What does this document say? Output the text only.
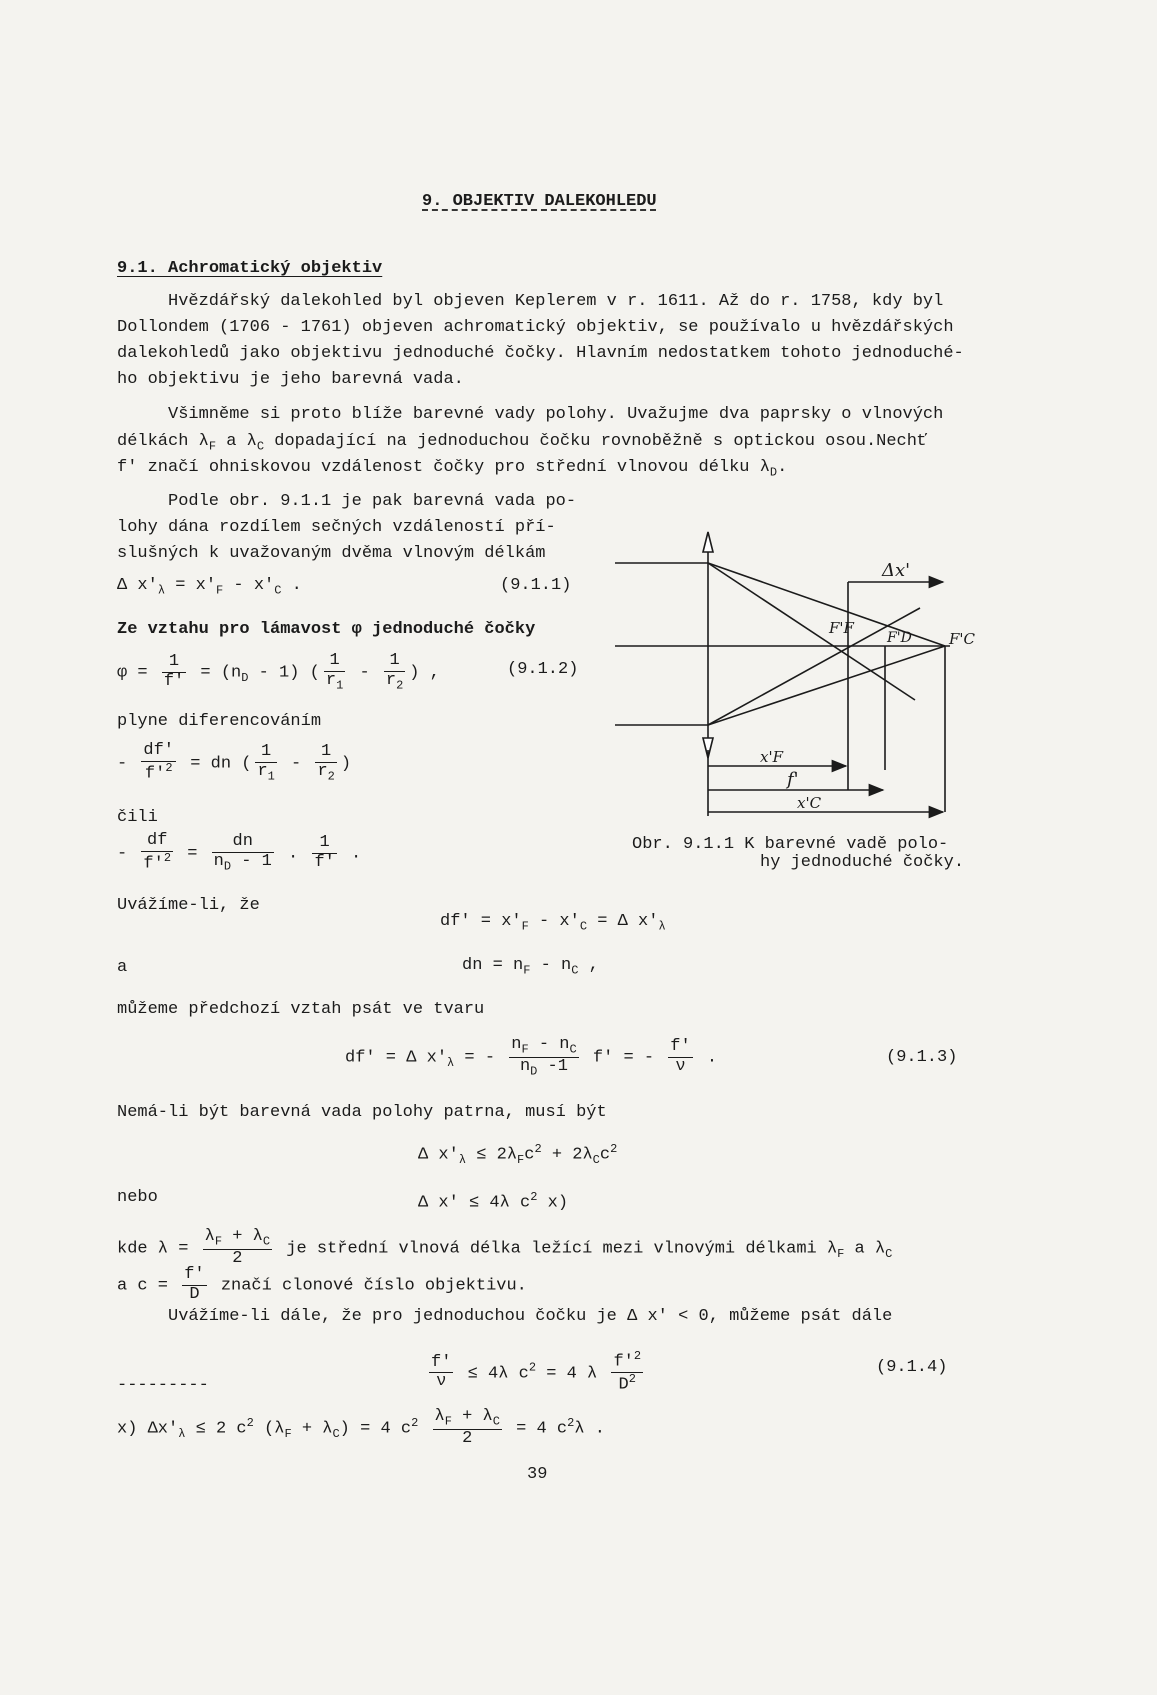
9. OBJEKTIV DALEKOHLEDU
9.1. Achromatický objektiv
Hvězdářský dalekohled byl objeven Keplerem v r. 1611. Až do r. 1758, kdy byl
Dollondem (1706 - 1761) objeven achromatický objektiv, se používalo u hvězdářských
dalekohledů jako objektivu jednoduché čočky. Hlavním nedostatkem tohoto jednoduché-
ho objektivu je jeho barevná vada.
Všimněme si proto blíže barevné vady polohy. Uvažujme dva paprsky o vlnových
délkách $\lambda_F$ a $\lambda_C$ dopadající na jednoduchou čočku rovnoběžně s optickou osou.Nechť
f' značí ohniskovou vzdálenost čočky pro střední vlnovou délku $\lambda_D$.
Podle obr. 9.1.1 je pak barevná vada po-
lohy dána rozdílem sečných vzdáleností pří-
slušných k uvažovaným dvěma vlnovým délkám
Δ $x'_\lambda = x'_F - x'_C$ .	(9.1.1)
Ze vztahu pro lámavost φ jednoduché čočky
$\varphi = \frac{1}{f'} = (n_D - 1)$ ( $\frac{1}{r_1} - \frac{1}{r_2}$ ) ,	(9.1.2)
plyne diferencováním
- $\frac{df'}{f'^2}$ = dn ( $\frac{1}{r_1} - \frac{1}{r_2}$ )
čili
- $\frac{df}{f'^2} = \frac{dn}{n_D - 1}$ . $\frac{1}{f'}$ .
Δx'
F'F
F'D F'C
x'F
f'
x'C
Obr. 9.1.1 K barevné vadě polo-
hy jednoduché čočky.
Uvážíme-li, že
$df' = x'_F - x'_C = \Delta$ $x'_\lambda$
a	dn = $n_F - n_C$ ,
můžeme předchozí vztah psát ve tvaru
df' = Δ $x'_\lambda$ = - $\frac{n_F - n_C}{n_D -1} f'$ = - $\frac{f'}{\nu}$ .	(9.1.3)
Nemá-li být barevná vada polohy patrna, musí být
Δ $x'_\lambda \le 2\lambda_Fc^2 + 2\lambda_Cc^2$
nebo	Δ x' ≤ 4λ $c^2$ x)
kde $\lambda = \frac{\lambda_F + \lambda_C}{2}$ je střední vlnová délka ležící mezi vlnovými délkami $\lambda_F$ a $\lambda_C$
a $c = \frac{f'}{D}$ značí clonové číslo objektivu.
Uvážíme-li dále, že pro jednoduchou čočku je Δ x' < 0, můžeme psát dále
$\frac{f'}{\nu} \le 4\lambda$ $c^2 = 4$ λ $\frac{f'^2}{D^2}$	(9.1.4)
---------
x) $\Delta x'_\lambda \le 2$ $c^2$ $(\lambda_F + \lambda_C) = 4$ $c^2 \frac{\lambda_F + \lambda_C}{2} = 4$ $c^2\lambda$ .
39
